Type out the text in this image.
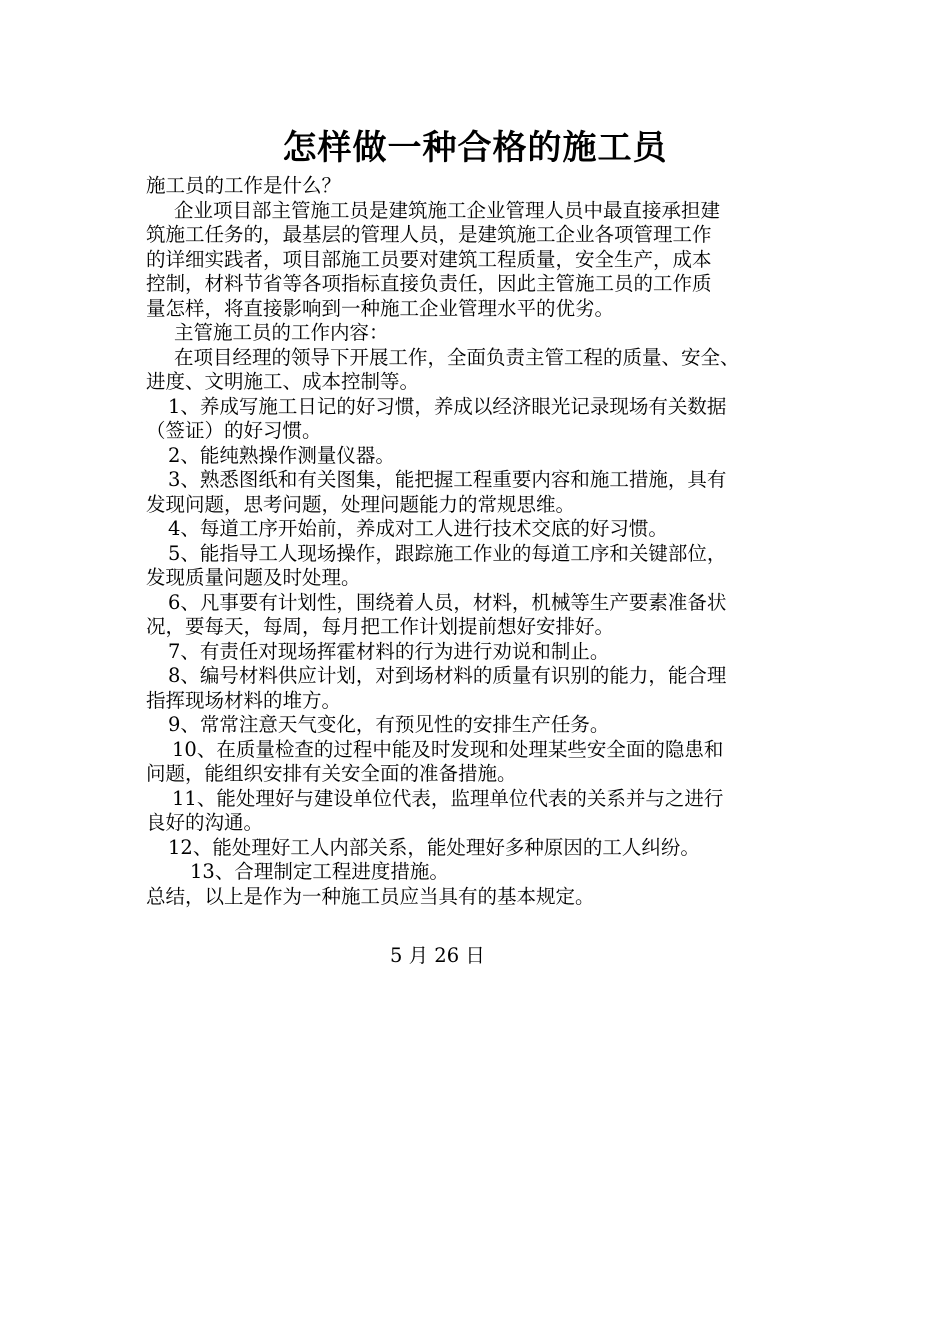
怎样做一种合格的施工员
施工员的工作是什么？
企业项目部主管施工员是建筑施工企业管理人员中最直接承担建
筑施工任务的，最基层的管理人员，是建筑施工企业各项管理工作
的详细实践者，项目部施工员要对建筑工程质量，安全生产，成本
控制，材料节省等各项指标直接负责任，因此主管施工员的工作质
量怎样，将直接影响到一种施工企业管理水平的优劣。
主管施工员的工作内容：
在项目经理的领导下开展工作，全面负责主管工程的质量、安全、
进度、文明施工、成本控制等。
1、养成写施工日记的好习惯，养成以经济眼光记录现场有关数据
（签证）的好习惯。
2、能纯熟操作测量仪器。
3、熟悉图纸和有关图集，能把握工程重要内容和施工措施，具有
发现问题，思考问题，处理问题能力的常规思维。
4、每道工序开始前，养成对工人进行技术交底的好习惯。
5、能指导工人现场操作，跟踪施工作业的每道工序和关键部位，
发现质量问题及时处理。
6、凡事要有计划性，围绕着人员，材料，机械等生产要素准备状
况，要每天，每周，每月把工作计划提前想好安排好。
7、有责任对现场挥霍材料的行为进行劝说和制止。
8、编号材料供应计划，对到场材料的质量有识别的能力，能合理
指挥现场材料的堆方。
9、常常注意天气变化，有预见性的安排生产任务。
10、在质量检查的过程中能及时发现和处理某些安全面的隐患和
问题，能组织安排有关安全面的准备措施。
11、能处理好与建设单位代表，监理单位代表的关系并与之进行
良好的沟通。
12、能处理好工人内部关系，能处理好多种原因的工人纠纷。
13、合理制定工程进度措施。
总结，以上是作为一种施工员应当具有的基本规定。
5 月 26 日
